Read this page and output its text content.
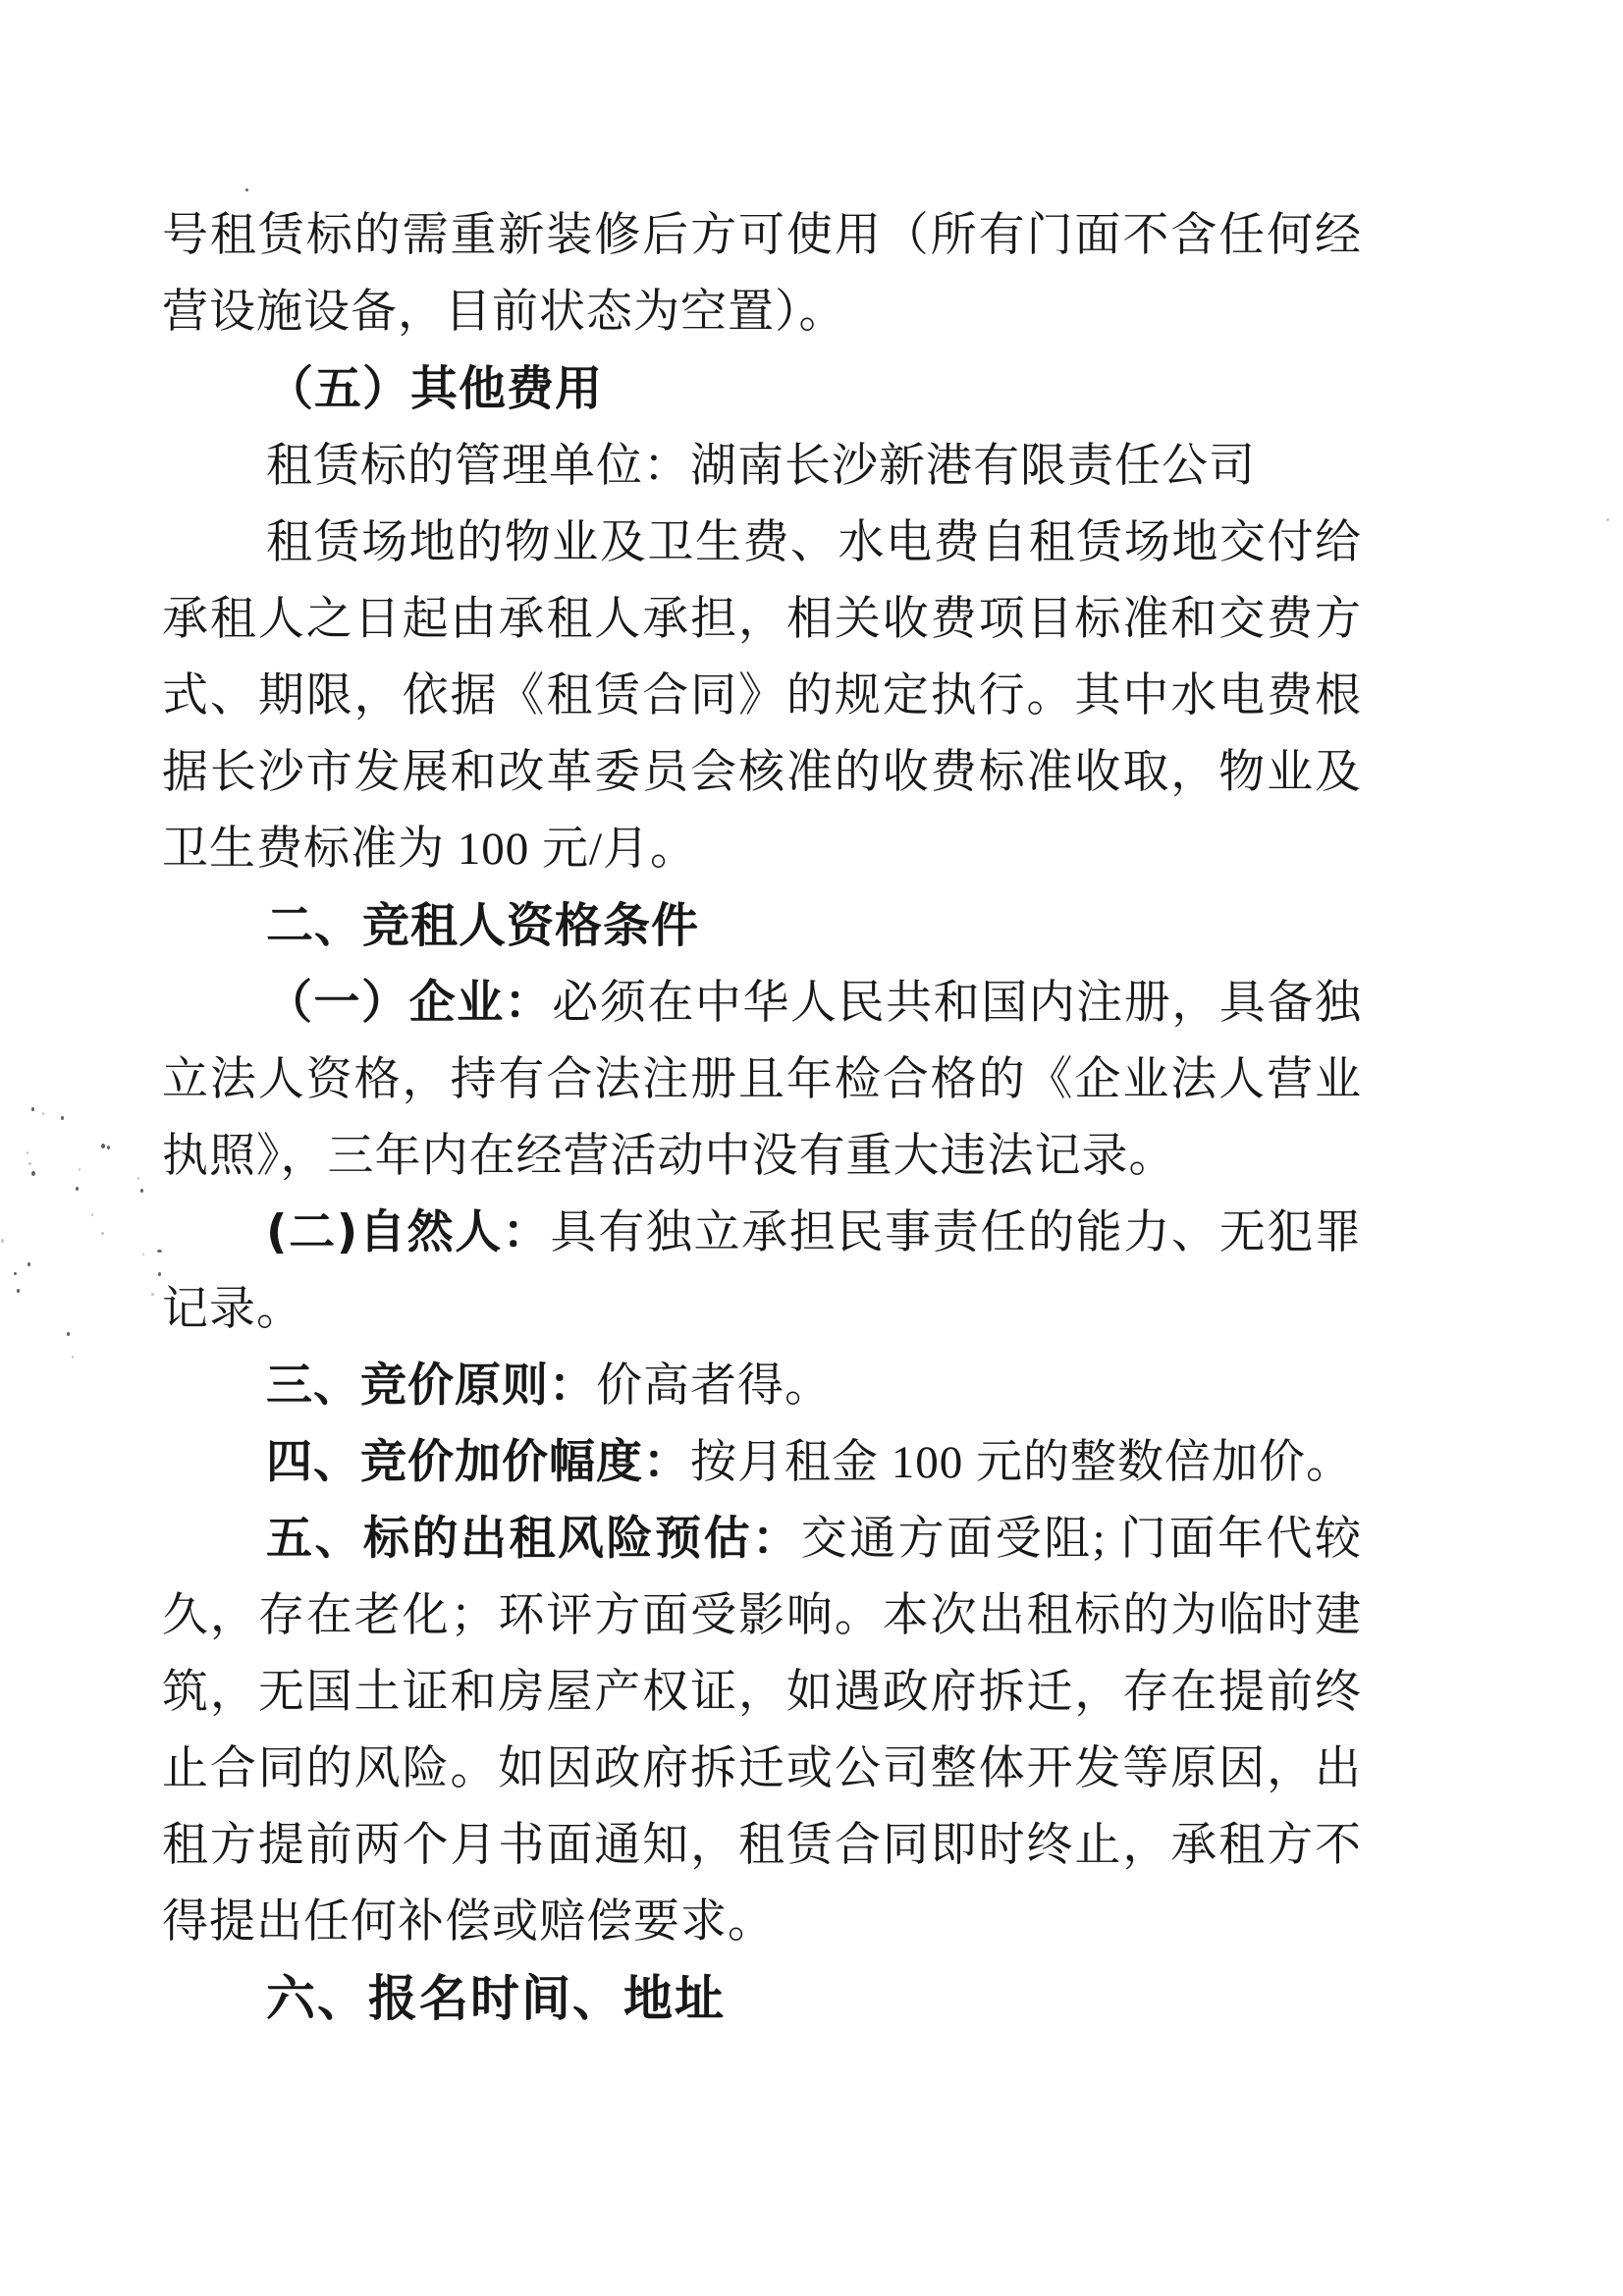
号租赁标的需重新装修后方可使用（所有门面不含任何经营设施设备，目前状态为空置）。

（五）其他费用

租赁标的管理单位：湖南长沙新港有限责任公司

租赁场地的物业及卫生费、水电费自租赁场地交付给承租人之日起由承租人承担，相关收费项目标准和交费方式、期限，依据《租赁合同》的规定执行。其中水电费根据长沙市发展和改革委员会核准的收费标准收取，物业及卫生费标准为 100 元/月。

二、竞租人资格条件

（一）企业：必须在中华人民共和国内注册，具备独立法人资格，持有合法注册且年检合格的《企业法人营业执照》，三年内在经营活动中没有重大违法记录。

(二)自然人：具有独立承担民事责任的能力、无犯罪记录。

三、竞价原则：价高者得。

四、竞价加价幅度：按月租金 100 元的整数倍加价。

五、标的出租风险预估：交通方面受阻; 门面年代较久，存在老化；环评方面受影响。本次出租标的为临时建筑，无国土证和房屋产权证，如遇政府拆迁，存在提前终止合同的风险。如因政府拆迁或公司整体开发等原因，出租方提前两个月书面通知，租赁合同即时终止，承租方不得提出任何补偿或赔偿要求。

六、报名时间、地址
